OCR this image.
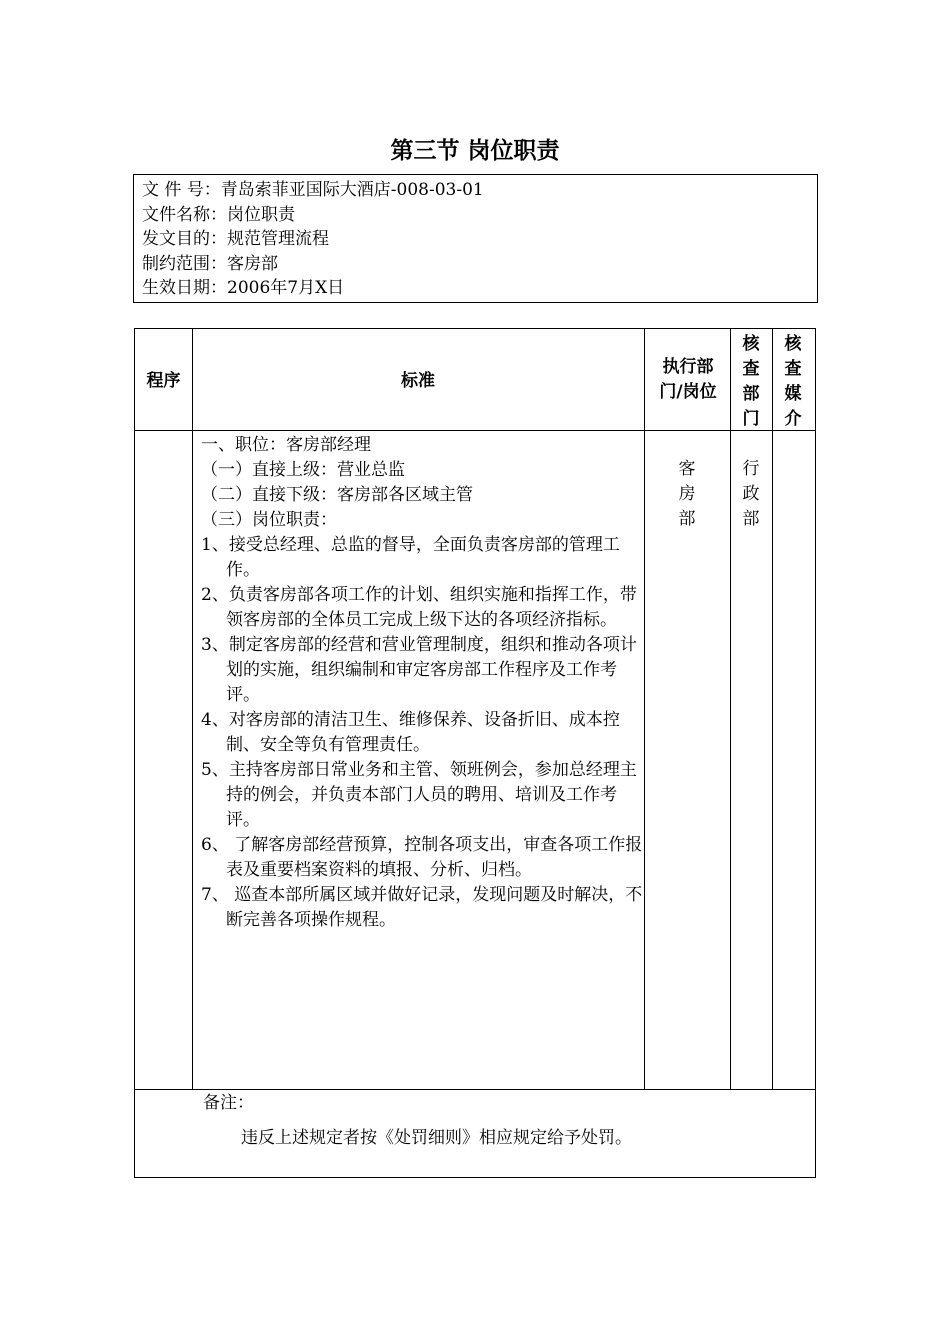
第三节 岗位职责
文 件 号：青岛索菲亚国际大酒店-008-03-01
文件名称：岗位职责
发文目的：规范管理流程
制约范围：客房部
生效日期：2006年7月X日
程序	标准
执行部门/岗位
核查部门
核查媒介
一、职位：客房部经理
（一）直接上级：营业总监
（二）直接下级：客房部各区域主管
（三）岗位职责：
1、接受总经理、总监的督导，全面负责客房部的管理工作。
2、负责客房部各项工作的计划、组织实施和指挥工作，带领客房部的全体员工完成上级下达的各项经济指标。
3、制定客房部的经营和营业管理制度，组织和推动各项计划的实施，组织编制和审定客房部工作程序及工作考评。
4、对客房部的清洁卫生、维修保养、设备折旧、成本控制、安全等负有管理责任。
5、主持客房部日常业务和主管、领班例会，参加总经理主持的例会，并负责本部门人员的聘用、培训及工作考评。
6、 了解客房部经营预算，控制各项支出，审查各项工作报表及重要档案资料的填报、分析、归档。
7、 巡查本部所属区域并做好记录，发现问题及时解决，不断完善各项操作规程。
客房部
行政部
备注：
违反上述规定者按《处罚细则》相应规定给予处罚。
